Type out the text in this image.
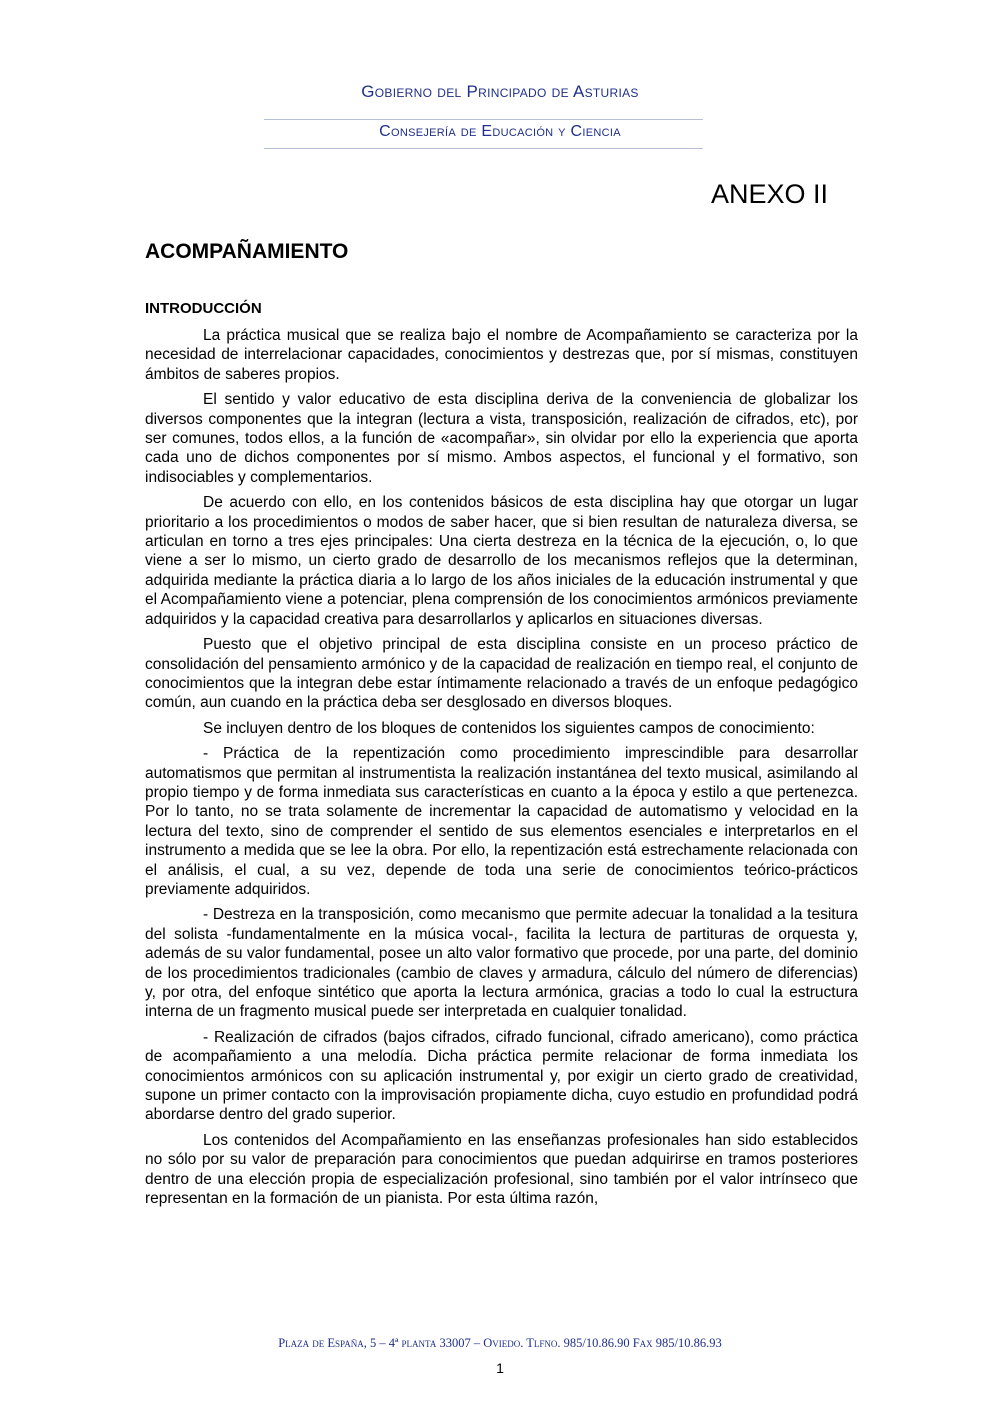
Gobierno del Principado de Asturias
Consejería de Educación y Ciencia
ANEXO II
ACOMPAÑAMIENTO
INTRODUCCIÓN

La práctica musical que se realiza bajo el nombre de Acompañamiento se caracteriza por la necesidad de interrelacionar capacidades, conocimientos y destrezas que, por sí mismas, constituyen ámbitos de saberes propios.

El sentido y valor educativo de esta disciplina deriva de la conveniencia de globalizar los diversos componentes que la integran (lectura a vista, transposición, realización de cifrados, etc), por ser comunes, todos ellos, a la función de «acompañar», sin olvidar por ello la experiencia que aporta cada uno de dichos componentes por sí mismo. Ambos aspectos, el funcional y el formativo, son indisociables y complementarios.

De acuerdo con ello, en los contenidos básicos de esta disciplina hay que otorgar un lugar prioritario a los procedimientos o modos de saber hacer, que si bien resultan de naturaleza diversa, se articulan en torno a tres ejes principales: Una cierta destreza en la técnica de la ejecución, o, lo que viene a ser lo mismo, un cierto grado de desarrollo de los mecanismos reflejos que la determinan, adquirida mediante la práctica diaria a lo largo de los años iniciales de la educación instrumental y que el Acompañamiento viene a potenciar, plena comprensión de los conocimientos armónicos previamente adquiridos y la capacidad creativa para desarrollarlos y aplicarlos en situaciones diversas.

Puesto que el objetivo principal de esta disciplina consiste en un proceso práctico de consolidación del pensamiento armónico y de la capacidad de realización en tiempo real, el conjunto de conocimientos que la integran debe estar íntimamente relacionado a través de un enfoque pedagógico común, aun cuando en la práctica deba ser desglosado en diversos bloques.

Se incluyen dentro de los bloques de contenidos los siguientes campos de conocimiento:

- Práctica de la repentización como procedimiento imprescindible para desarrollar automatismos que permitan al instrumentista la realización instantánea del texto musical, asimilando al propio tiempo y de forma inmediata sus características en cuanto a la época y estilo a que pertenezca. Por lo tanto, no se trata solamente de incrementar la capacidad de automatismo y velocidad en la lectura del texto, sino de comprender el sentido de sus elementos esenciales e interpretarlos en el instrumento a medida que se lee la obra. Por ello, la repentización está estrechamente relacionada con el análisis, el cual, a su vez, depende de toda una serie de conocimientos teórico-prácticos previamente adquiridos.

- Destreza en la transposición, como mecanismo que permite adecuar la tonalidad a la tesitura del solista -fundamentalmente en la música vocal-, facilita la lectura de partituras de orquesta y, además de su valor fundamental, posee un alto valor formativo que procede, por una parte, del dominio de los procedimientos tradicionales (cambio de claves y armadura, cálculo del número de diferencias) y, por otra, del enfoque sintético que aporta la lectura armónica, gracias a todo lo cual la estructura interna de un fragmento musical puede ser interpretada en cualquier tonalidad.

- Realización de cifrados (bajos cifrados, cifrado funcional, cifrado americano), como práctica de acompañamiento a una melodía. Dicha práctica permite relacionar de forma inmediata los conocimientos armónicos con su aplicación instrumental y, por exigir un cierto grado de creatividad, supone un primer contacto con la improvisación propiamente dicha, cuyo estudio en profundidad podrá abordarse dentro del grado superior.

Los contenidos del Acompañamiento en las enseñanzas profesionales han sido establecidos no sólo por su valor de preparación para conocimientos que puedan adquirirse en tramos posteriores dentro de una elección propia de especialización profesional, sino también por el valor intrínseco que representan en la formación de un pianista. Por esta última razón,

Plaza de España, 5 – 4ª planta 33007 – Oviedo. Tlfno. 985/10.86.90 Fax 985/10.86.93
1
